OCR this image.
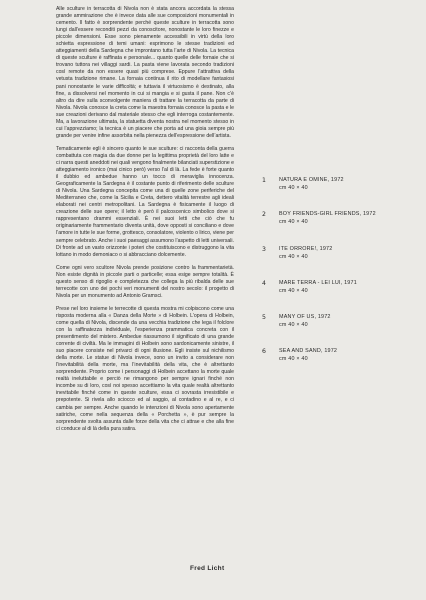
Alle sculture in terracotta di Nivola non è stata ancora accordata la stessa grande ammirazione che è invece data alle sue composizioni monumentali in cemento. Il fatto è sorprendente perché queste sculture in terracotta sono lungi dall’essere reconditi pezzi da conoscitore, nonostante le loro finezze e piccole dimensioni. Esse sono pienamente accessibili in virtù della loro schietta espressione di temi umani: esprimono le stesse tradizioni ed atteggiamenti della Sardegna che improntano tutta l’arte di Nivola. La tecnica di queste sculture è raffinata e personale... quanto quelle delle fornaie che si trovano tuttora nei villaggi sardi. La pasta viene lavorata secondo tradizioni così remote da non essere quasi più comprese. Eppure l’attrattiva della vetusta tradizione rimane. La fornaia continua il rito di modellare fantasiosi pani nonostante le varie difficoltà; e tuttavia il virtuosismo è destinato, alla fine, a dissolversi nel momento in cui si mangia e si gusta il pane. Non c’è altro da dire sulla sconvolgente maniera di trattare la terracotta da parte di Nivola. Nivola conosce la creta come la maestra fornaia conosce la pasta e le sue creazioni derivano dal materiale stesso che egli interroga costantemente. Ma, a lavorazione ultimata, la statuetta diventa nostra nel momento stesso in cui l’apprezziamo; la tecnica è un piacere che porta ad una gioia sempre più grande per venire infine assorbita nella pienezza dell’espressione dell’artista.

Tematicamente egli è sincero quanto le sue sculture: ci racconta della guerra combattuta con magia da due donne per la legittima proprietà del loro latte e ci narra questi aneddoti nei quali vengono finalmente bilanciati superstizione e atteggiamento ironico (mai cinico però) verso l’al di là. La fede è forte quanto il dubbio ed ambedue hanno un tocco di meraviglia innocenza. Geograficamente la Sardegna è il costante punto di riferimento delle sculture di Nivola. Una Sardegna concepita come una di quelle zone periferiche del Mediterraneo che, come la Sicilia e Creta, dettero vitalità terrestre agli ideali elaborati nei centri metropolitani. La Sardegna è fisicamente il luogo di creazione delle sue opere; il letto è però il palcoscenico simbolico dove si rappresentano drammi essenziali. È nei suoi letti che ciò che fu originariamente frammentario diventa unità, dove opposti si conciliano e dove l’amore in tutte le sue forme, grottesco, consolatore, violento o lirico, viene per sempre celebrato. Anche i suoi paesaggi assumono l’aspetto di letti universali. Di fronte ad un vasto orizzonte i poteri che costituiscono e distruggono la vita lottano in modo demoniaco o si abbracciano dolcemente.

Come ogni vero scultore Nivola prende posizione contro la frammentarietà. Non esiste dignità in piccole parti o particelle; essa esige sempre totalità. È questo senso di rigoglio e completezza che collega la più ribalda delle sue terrecotte con uno dei pochi veri monumenti del nostro secolo: il progetto di Nivola per un monumento ad Antonio Gramsci.

Prese nel loro insieme le terrecotte di questa mostra mi colpiscono come una risposta moderna alla « Danza della Morte » di Holbein. L’opera di Holbein, come quella di Nivola, discende da una vecchia tradizione che lega il folclore con la raffinatezza individuale, l’esperienza prammatica concreta con il presentimento del mistero. Ambedue riassumono il significato di una grande corrente di civiltà. Ma le immagini di Holbein sono sardonicamente sinistre, il suo piacere consiste nel privarci di ogni illusione. Egli insiste sul nichilismo della morte. Le statue di Nivola invece, sono un invito a considerare non l’inevitabilità della morte, ma l’inevitabilità della vita, che è altrettanto sorprendente. Proprio come i personaggi di Holbein accettano la morte quale realtà ineluttabile e perciò ne rimangono per sempre ignari finché non incombe su di loro, così noi spesso accettiamo la vita quale realtà altrettanto inevitabile finché come in queste sculture, essa ci sovrasta irresistibile e prepotente. Si rivela allo sciocco ed al saggio, al contadino e al re, e ci cambia per sempre. Anche quando le intenzioni di Nivola sono apertamente satiriche, come nella sequenza della « Porchetta », è pur sempre la sorprendente svolta assunta dalle forze della vita che ci attrae e che alla fine ci conduce al di là della pura satira.

Fred Licht
1 NATURA E OMINE, 1972
cm 40 × 40
2 BOY FRIENDS-GIRL FRIENDS, 1972
cm 40 × 40
3 ITE ORRORE!, 1972
cm 40 × 40
4 MARE TERRA - LEI LUI, 1971
cm 40 × 40
5 MANY OF US, 1972
cm 40 × 40
6 SEA AND SAND, 1972
cm 40 × 40
